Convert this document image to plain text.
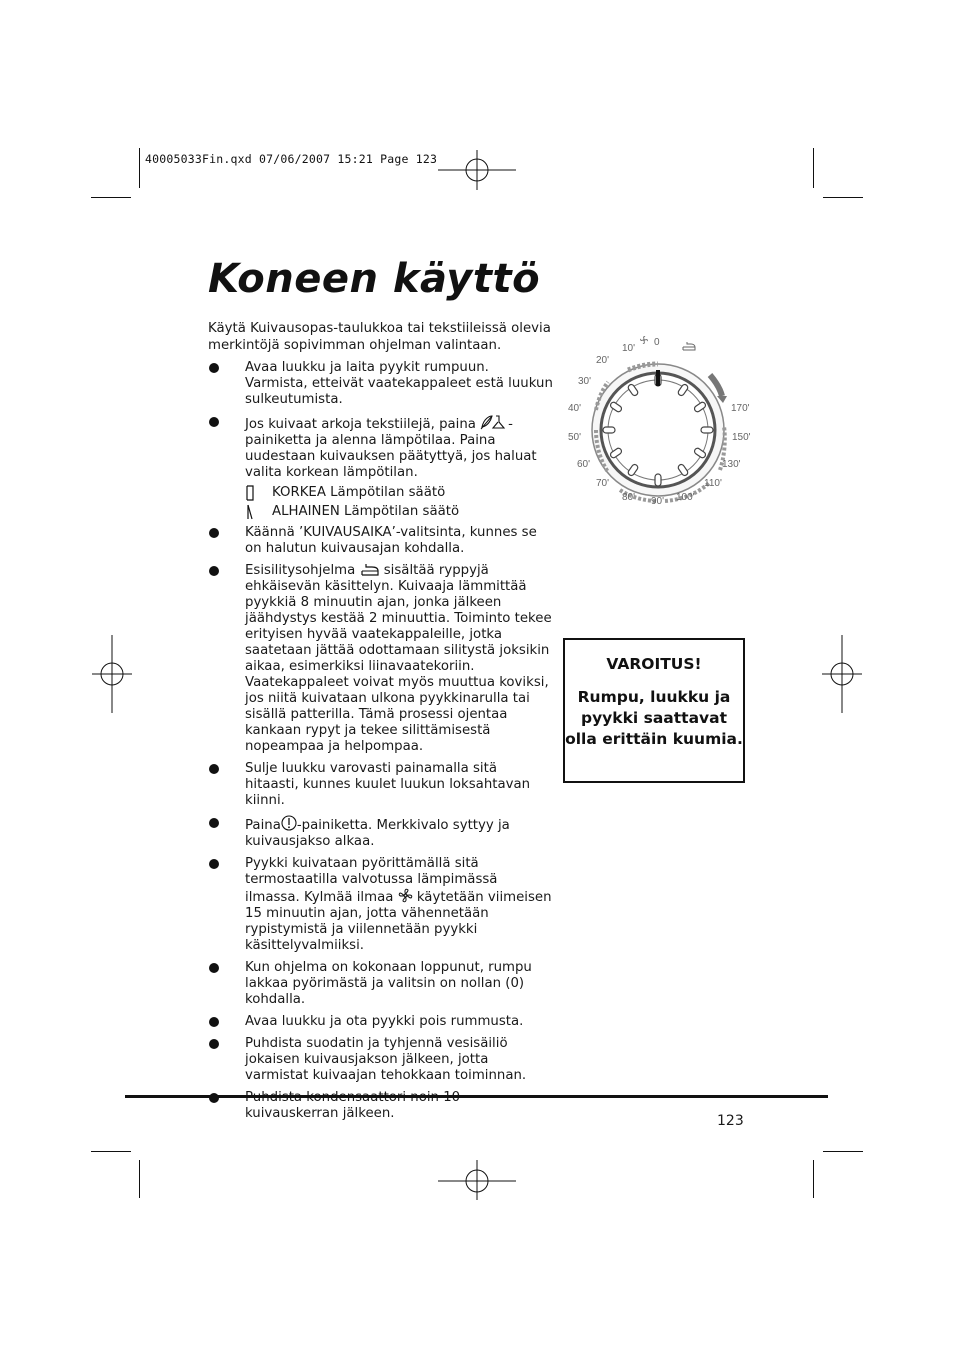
40005033Fin.qxd 07/06/2007 15:21 Page 123
Koneen käyttö
Käytä Kuivausopas-taulukkoa tai tekstiileissä olevia merkintöjä sopivimman ohjelman valintaan.
Avaa luukku ja laita pyykit rumpuun. Varmista, etteivät vaatekappaleet estä luukun sulkeutumista.
Jos kuivaat arkoja tekstiilejä, paina -painiketta ja alenna lämpötilaa. Paina uudestaan kuivauksen päätyttyä, jos haluat valita korkean lämpötilan.
KORKEA Lämpötilan säätö
ALHAINEN Lämpötilan säätö
Käännä ’KUIVAUSAIKA’-valitsinta, kunnes se on halutun kuivausajan kohdalla.
Esisilitysohjelma  sisältää ryppyjä ehkäisevän käsittelyn. Kuivaaja lämmittää pyykkiä 8 minuutin ajan, jonka jälkeen jäähdystys kestää 2 minuuttia. Toiminto tekee erityisen hyvää vaatekappaleille, jotka saatetaan jättää odottamaan silitystä joksikin aikaa, esimerkiksi liinavaatekoriin. Vaatekappaleet voivat myös muuttua koviksi, jos niitä kuivataan ulkona pyykkinarulla tai sisällä patterilla. Tämä prosessi ojentaa kankaan rypyt ja tekee silittämisestä nopeampaa ja helpompaa.
Sulje luukku varovasti painamalla sitä hitaasti, kunnes kuulet luukun loksahtavan kiinni.
Paina -painiketta. Merkkivalo syttyy ja kuivausjakso alkaa.
Pyykki kuivataan pyörittämällä sitä termostaatilla valvotussa lämpimässä ilmassa. Kylmää ilmaa  käytetään viimeisen 15 minuutin ajan, jotta vähennetään rypistymistä ja viilennetään pyykki käsittelyvalmiiksi.
Kun ohjelma on kokonaan loppunut, rumpu lakkaa pyörimästä ja valitsin on nollan (0) kohdalla.
Avaa luukku ja ota pyykki pois rummusta.
Puhdista suodatin ja tyhjennä vesisäiliö jokaisen kuivausjakson jälkeen, jotta varmistat kuivaajan tehokkaan toiminnan.
kuivauskerran jälkeen.
0
10'
20'
30'
40'
50'
60'
70'
80' 90' 100'
110'
130'
150'
170'
VAROITUS!
Rumpu, luukku ja pyykki saattavat olla erittäin kuumia.
123
